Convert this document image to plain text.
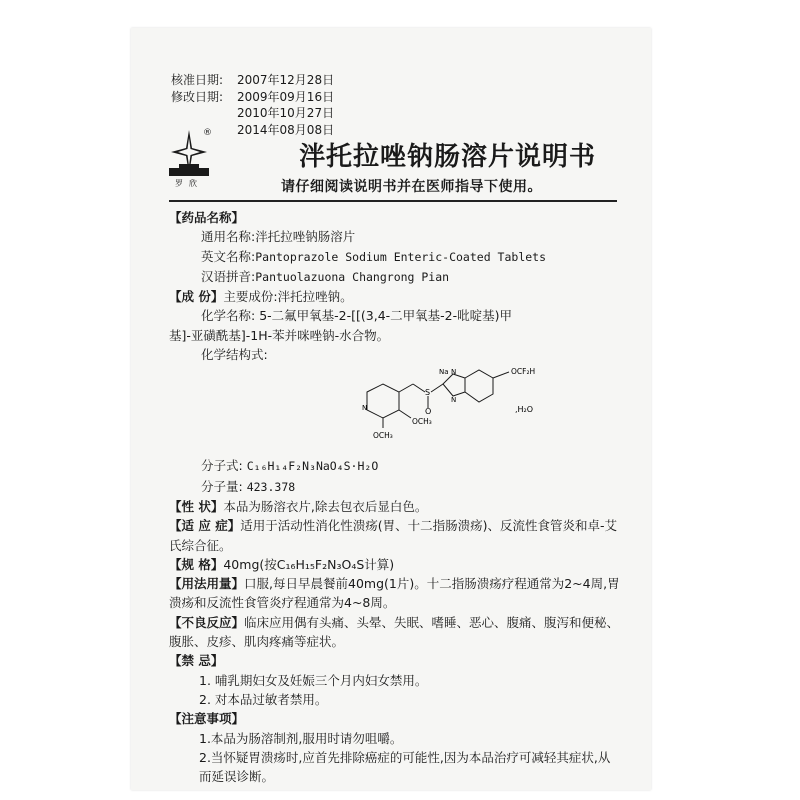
核准日期:	2007年12月28日
修改日期:	2009年09月16日
2010年10月27日
2014年08月08日
®
罗欣
泮托拉唑钠肠溶片说明书
请仔细阅读说明书并在医师指导下使用。

【药品名称】

通用名称:泮托拉唑钠肠溶片

英文名称:Pantoprazole Sodium Enteric-Coated Tablets

汉语拼音:Pantuolazuona Changrong Pian

【成 份】主要成份:泮托拉唑钠。

化学名称: 5-二氟甲氧基-2-[[(3,4-二甲氧基-2-吡啶基)甲

基]-亚磺酰基]-1H-苯并咪唑钠-水合物。

化学结构式:

N
S
O
Na N
N
OCF₂H
OCH₃
OCH₃
,H₂O

分子式: C₁₆H₁₄F₂N₃NaO₄S·H₂O

分子量: 423.378

【性 状】本品为肠溶衣片,除去包衣后显白色。

【适 应 症】适用于活动性消化性溃疡(胃、十二指肠溃疡)、反流性食管炎和卓-艾氏综合征。

【规 格】40mg(按C₁₆H₁₅F₂N₃O₄S计算)

【用法用量】口服,每日早晨餐前40mg(1片)。十二指肠溃疡疗程通常为2~4周,胃溃疡和反流性食管炎疗程通常为4~8周。

【不良反应】临床应用偶有头痛、头晕、失眠、嗜睡、恶心、腹痛、腹泻和便秘、腹胀、皮疹、肌肉疼痛等症状。

【禁 忌】

1. 哺乳期妇女及妊娠三个月内妇女禁用。

2. 对本品过敏者禁用。

【注意事项】

1.本品为肠溶制剂,服用时请勿咀嚼。

2.当怀疑胃溃疡时,应首先排除癌症的可能性,因为本品治疗可减轻其症状,从而延误诊断。
